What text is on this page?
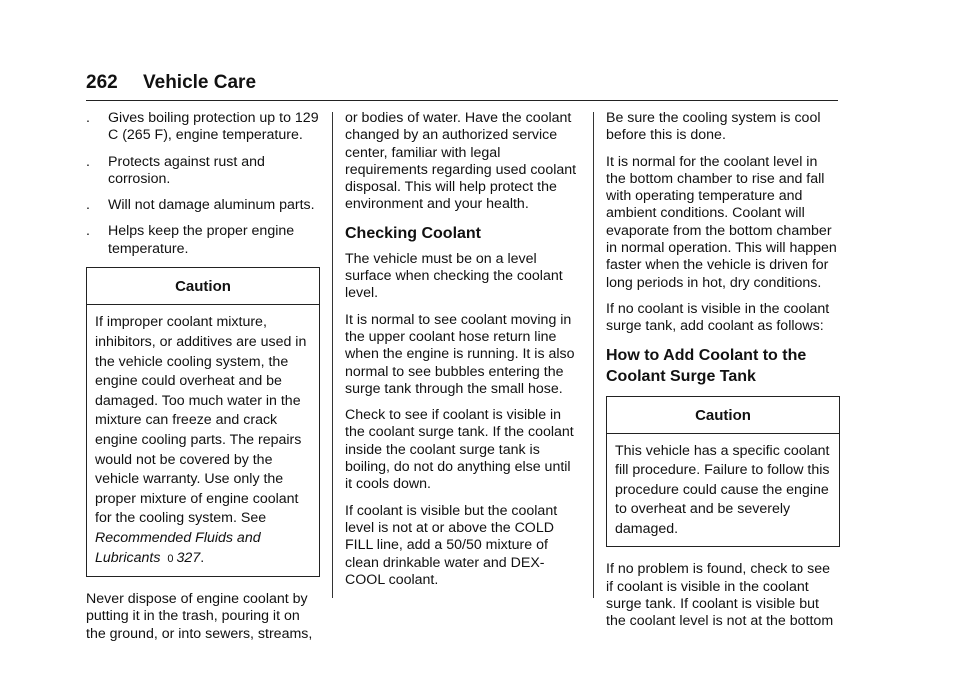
262 Vehicle Care
. Gives boiling protection up to 129 C (265 F), engine temperature.
. Protects against rust and corrosion.
. Will not damage aluminum parts.
. Helps keep the proper engine temperature.
Caution
If improper coolant mixture, inhibitors, or additives are used in the vehicle cooling system, the engine could overheat and be damaged. Too much water in the mixture can freeze and crack engine cooling parts. The repairs would not be covered by the vehicle warranty. Use only the proper mixture of engine coolant for the cooling system. See Recommended Fluids and Lubricants 0 327.

Never dispose of engine coolant by putting it in the trash, pouring it on the ground, or into sewers, streams,

or bodies of water. Have the coolant changed by an authorized service center, familiar with legal requirements regarding used coolant disposal. This will help protect the environment and your health.

Checking Coolant

The vehicle must be on a level surface when checking the coolant level.

It is normal to see coolant moving in the upper coolant hose return line when the engine is running. It is also normal to see bubbles entering the surge tank through the small hose.

Check to see if coolant is visible in the coolant surge tank. If the coolant inside the coolant surge tank is boiling, do not do anything else until it cools down.

If coolant is visible but the coolant level is not at or above the COLD FILL line, add a 50/50 mixture of clean drinkable water and DEX-COOL coolant.

Be sure the cooling system is cool before this is done.

It is normal for the coolant level in the bottom chamber to rise and fall with operating temperature and ambient conditions. Coolant will evaporate from the bottom chamber in normal operation. This will happen faster when the vehicle is driven for long periods in hot, dry conditions.

If no coolant is visible in the coolant surge tank, add coolant as follows:

How to Add Coolant to the Coolant Surge Tank
Caution
This vehicle has a specific coolant fill procedure. Failure to follow this procedure could cause the engine to overheat and be severely damaged.

If no problem is found, check to see if coolant is visible in the coolant surge tank. If coolant is visible but the coolant level is not at the bottom
